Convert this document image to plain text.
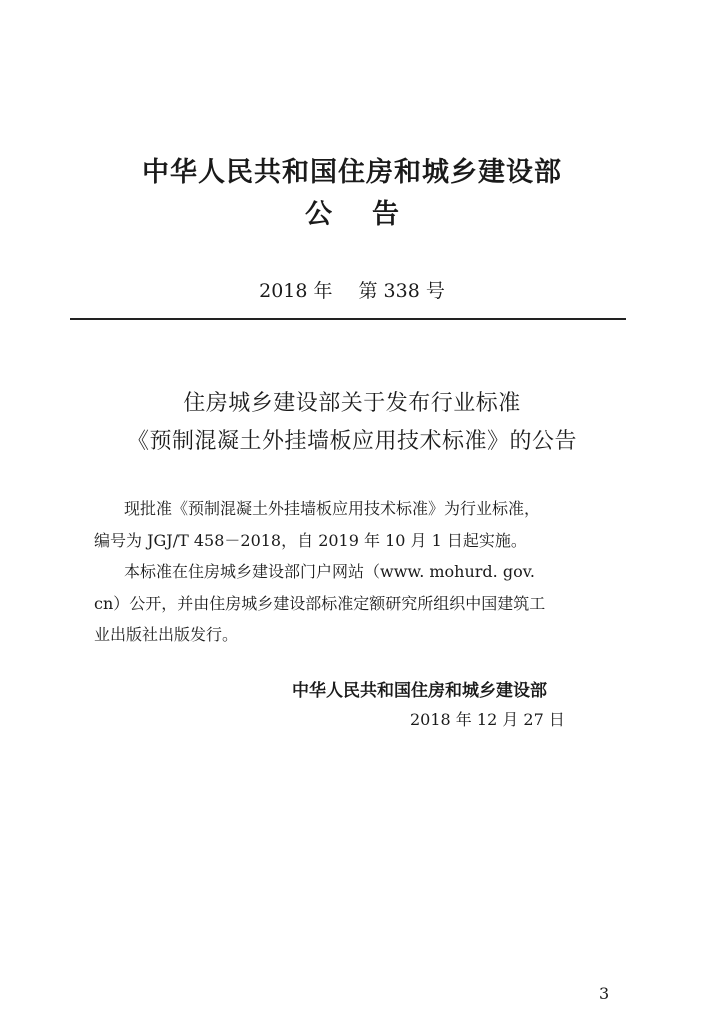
中华人民共和国住房和城乡建设部
公告
2018 年 第 338 号
住房城乡建设部关于发布行业标准
《预制混凝土外挂墙板应用技术标准》的公告
现批准《预制混凝土外挂墙板应用技术标准》为行业标准，
编号为 JGJ/T 458－2018，自 2019 年 10 月 1 日起实施。
本标准在住房城乡建设部门户网站（www. mohurd. gov.
cn）公开，并由住房城乡建设部标准定额研究所组织中国建筑工
业出版社出版发行。
中华人民共和国住房和城乡建设部
2018 年 12 月 27 日
3
